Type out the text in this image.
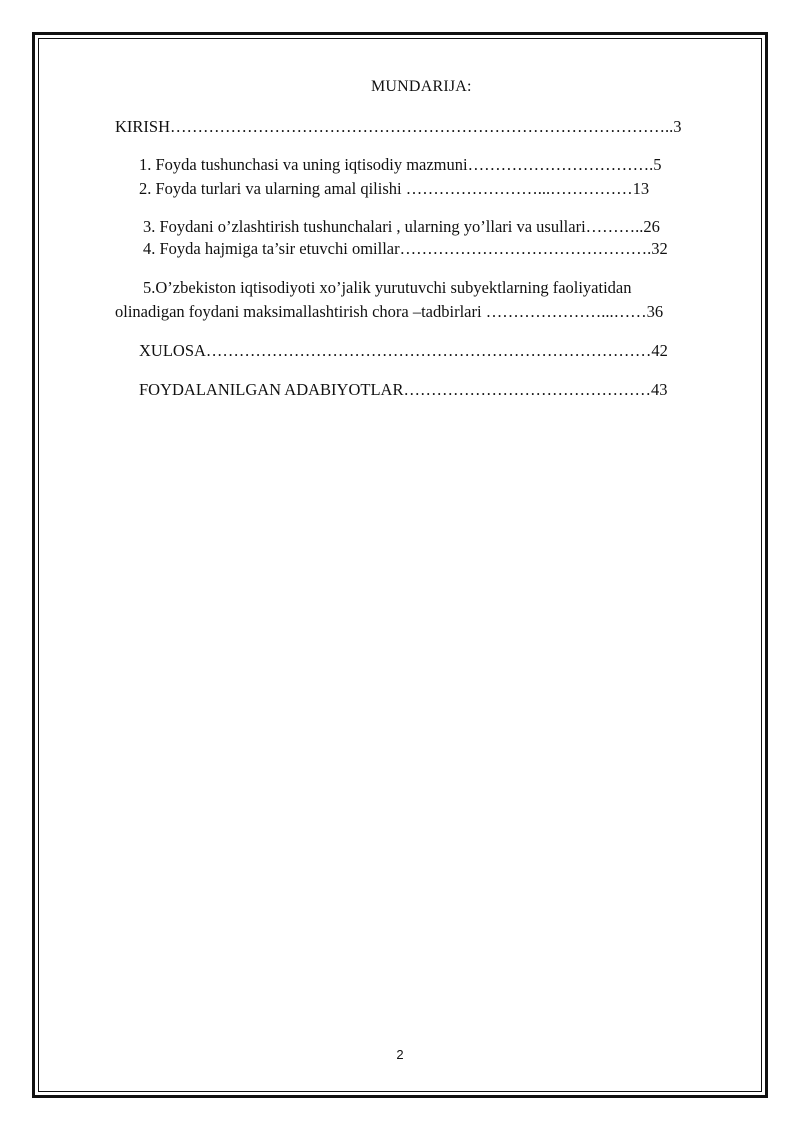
MUNDARIJA:
KIRISH………………………………………………………………………………..3
1. Foyda tushunchasi va uning iqtisodiy mazmuni…………………………….5
2. Foyda turlari va ularning amal qilishi ……………………...……………13
3. Foydani o’zlashtirish tushunchalari , ularning yo’llari va usullari………..26
4. Foyda hajmiga ta’sir etuvchi omillar……………………………………….32
5.O’zbekiston iqtisodiyoti xo’jalik yurutuvchi subyektlarning faoliyatidan
olinadigan foydani maksimallashtirish chora –tadbirlari …………………...……36
XULOSA………………………………………………………………………42
FOYDALANILGAN ADABIYOTLAR………………………………………43
2
